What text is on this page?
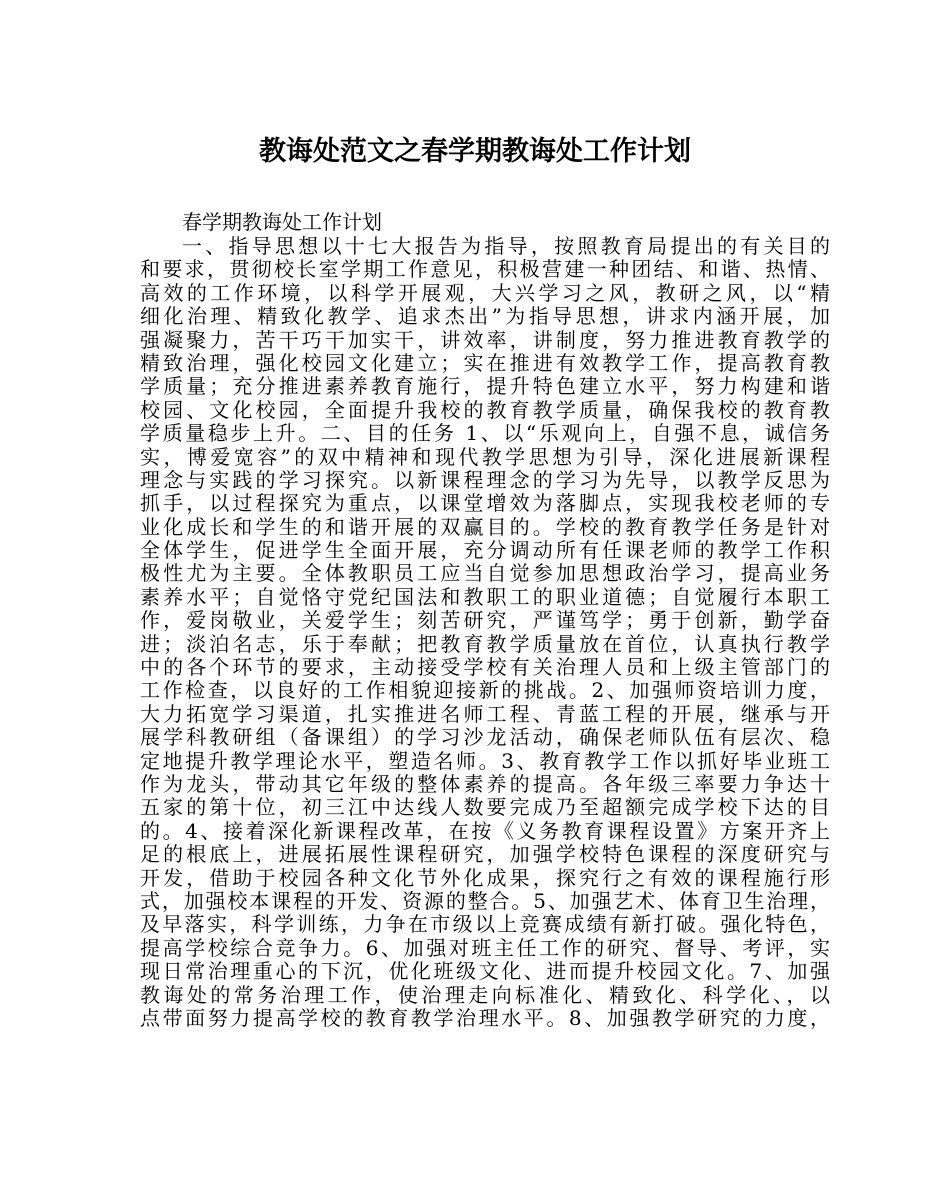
教诲处范文之春学期教诲处工作计划
春学期教诲处工作计划
一、指导思想以十七大报告为指导，按照教育局提出的有关目的
和要求，贯彻校长室学期工作意见，积极营建一种团结、和谐、热情、
高效的工作环境，以科学开展观，大兴学习之风，教研之风，以“精
细化治理、精致化教学、追求杰出”为指导思想，讲求内涵开展，加
强凝聚力，苦干巧干加实干，讲效率，讲制度，努力推进教育教学的
精致治理，强化校园文化建立；实在推进有效教学工作，提高教育教
学质量；充分推进素养教育施行，提升特色建立水平，努力构建和谐
校园、文化校园，全面提升我校的教育教学质量，确保我校的教育教
学质量稳步上升。二、目的任务 1、以“乐观向上，自强不息，诚信务
实，博爱宽容”的双中精神和现代教学思想为引导，深化进展新课程
理念与实践的学习探究。以新课程理念的学习为先导，以教学反思为
抓手，以过程探究为重点，以课堂增效为落脚点，实现我校老师的专
业化成长和学生的和谐开展的双赢目的。学校的教育教学任务是针对
全体学生，促进学生全面开展，充分调动所有任课老师的教学工作积
极性尤为主要。全体教职员工应当自觉参加思想政治学习，提高业务
素养水平；自觉恪守党纪国法和教职工的职业道德；自觉履行本职工
作，爱岗敬业，关爱学生；刻苦研究，严谨笃学；勇于创新，勤学奋
进；淡泊名志，乐于奉献；把教育教学质量放在首位，认真执行教学
中的各个环节的要求，主动接受学校有关治理人员和上级主管部门的
工作检查，以良好的工作相貌迎接新的挑战。2、加强师资培训力度，
大力拓宽学习渠道，扎实推进名师工程、青蓝工程的开展，继承与开
展学科教研组（备课组）的学习沙龙活动，确保老师队伍有层次、稳
定地提升教学理论水平，塑造名师。3、教育教学工作以抓好毕业班工
作为龙头，带动其它年级的整体素养的提高。各年级三率要力争达十
五家的第十位，初三江中达线人数要完成乃至超额完成学校下达的目
的。4、接着深化新课程改革，在按《义务教育课程设置》方案开齐上
足的根底上，进展拓展性课程研究，加强学校特色课程的深度研究与
开发，借助于校园各种文化节外化成果，探究行之有效的课程施行形
式，加强校本课程的开发、资源的整合。5、加强艺术、体育卫生治理，
及早落实，科学训练，力争在市级以上竞赛成绩有新打破。强化特色，
提高学校综合竞争力。6、加强对班主任工作的研究、督导、考评，实
现日常治理重心的下沉，优化班级文化、进而提升校园文化。7、加强
教诲处的常务治理工作，使治理走向标准化、精致化、科学化、，以
点带面努力提高学校的教育教学治理水平。8、加强教学研究的力度，
